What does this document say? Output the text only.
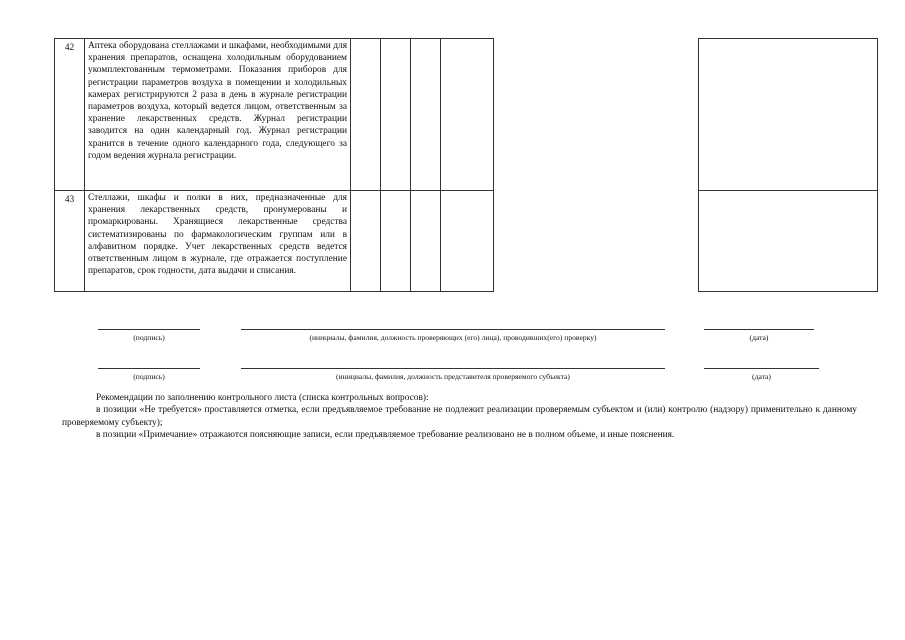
42	Аптека оборудована стеллажами и шкафами, необходимыми для хранения препаратов, оснащена холодильным оборудованием укомплектованным термометрами. Показания приборов для регистрации параметров воздуха в помещении и холодильных камерах регистрируются 2 раза в день в журнале регистрации параметров воздуха, который ведется лицом, ответственным за хранение лекарственных средств. Журнал регистрации заводится на один календарный год. Журнал регистрации хранится в течение одного календарного года, следующего за годом ведения журнала регистрации.						
43	Стеллажи, шкафы и полки в них, предназначенные для хранения лекарственных средств, пронумерованы и промаркированы. Хранящиеся лекарственные средства систематизированы по фармакологическим группам или в алфавитном порядке. Учет лекарственных средств ведется ответственным лицом в журнале, где отражается поступление препаратов, срок годности, дата выдачи и списания.						
(подпись)	(инициалы, фамилия, должность проверяющих (его) лица), проводивших(его) проверку)	(дата)
(подпись)	(инициалы, фамилия, должность представителя проверяемого субъекта)	(дата)

Рекомендации по заполнению контрольного листа (списка контрольных вопросов):

в позиции «Не требуется» проставляется отметка, если предъявляемое требование не подлежит реализации проверяемым субъектом и (или) контролю (надзору) применительно к данному проверяемому субъекту);

в позиции «Примечание» отражаются поясняющие записи, если предъявляемое требование реализовано не в полном объеме, и иные пояснения.
